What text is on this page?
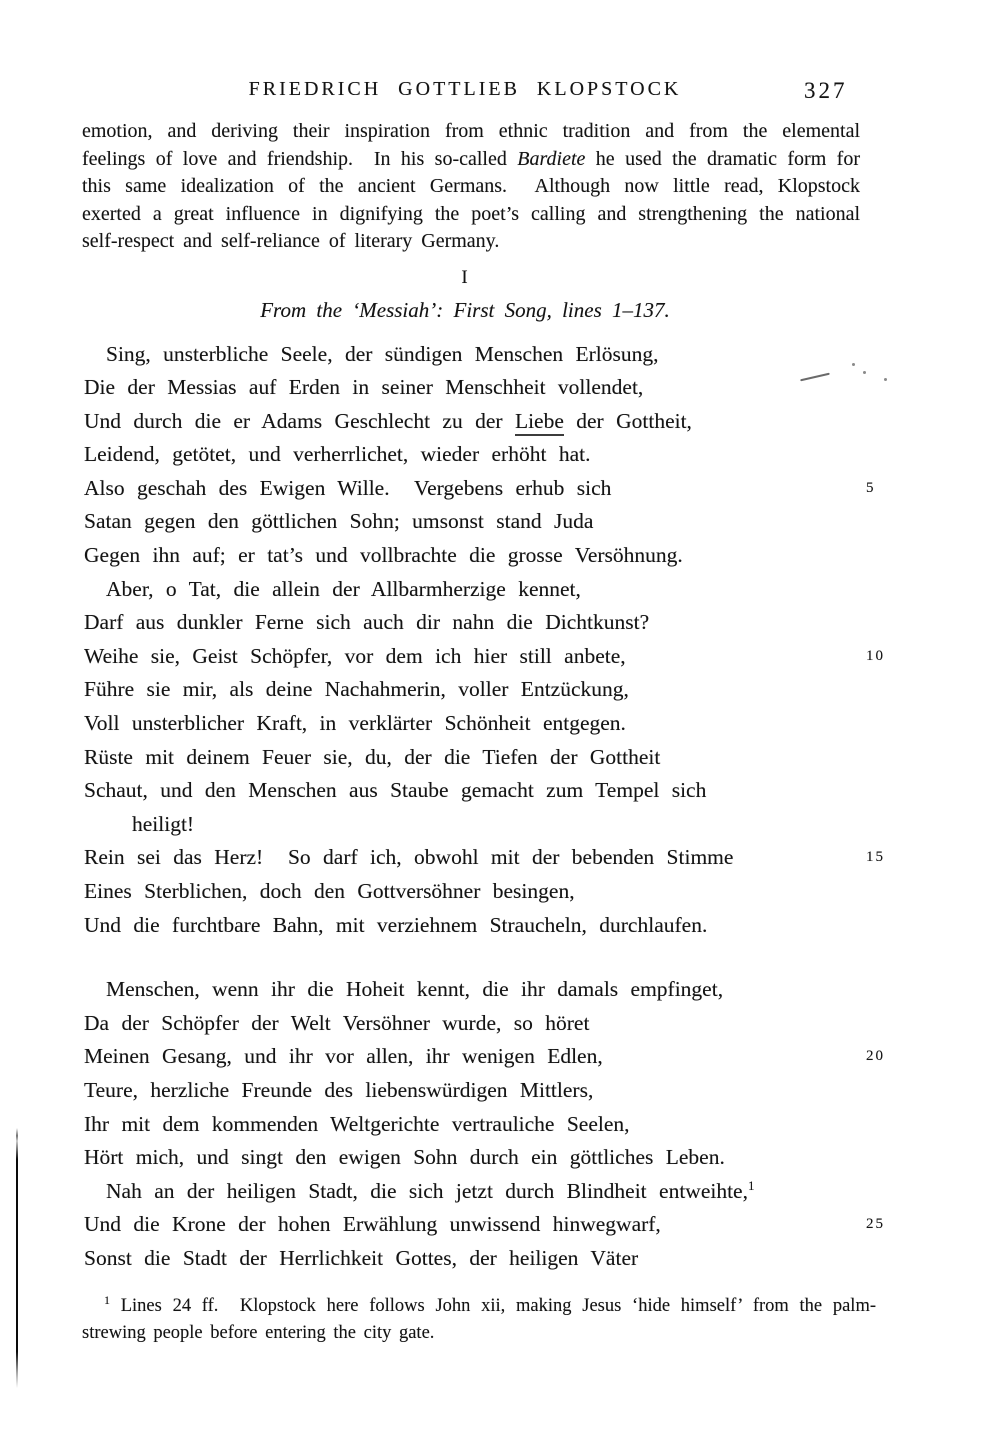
327
FRIEDRICH GOTTLIEB KLOPSTOCK

emotion, and deriving their inspiration from ethnic tradition and from the elemental feelings of love and friendship.  In his so-called Bardiete he used the dramatic form for this same idealization of the ancient Germans.  Although now little read, Klopstock exerted a great influence in dignifying the poet’s calling and strengthening the national self-respect and self-reliance of literary Germany.

I
From the ‘Messiah’: First Song, lines 1–137.
Sing, unsterbliche Seele, der sündigen Menschen Erlösung,
Die der Messias auf Erden in seiner Menschheit vollendet,
Und durch die er Adams Geschlecht zu der Liebe der Gottheit,
Leidend, getötet, und verherrlichet, wieder erhöht hat.
Also geschah des Ewigen Wille.  Vergebens erhub sich	5
Satan gegen den göttlichen Sohn; umsonst stand Juda
Gegen ihn auf; er tat’s und vollbrachte die grosse Versöhnung.
Aber, o Tat, die allein der Allbarmherzige kennet,
Darf aus dunkler Ferne sich auch dir nahn die Dichtkunst?
Weihe sie, Geist Schöpfer, vor dem ich hier still anbete,	10
Führe sie mir, als deine Nachahmerin, voller Entzückung,
Voll unsterblicher Kraft, in verklärter Schönheit entgegen.
Rüste mit deinem Feuer sie, du, der die Tiefen der Gottheit
Schaut, und den Menschen aus Staube gemacht zum Tempel sich
heiligt!
Rein sei das Herz!  So darf ich, obwohl mit der bebenden Stimme	15
Eines Sterblichen, doch den Gottversöhner besingen,
Und die furchtbare Bahn, mit verziehnem Straucheln, durchlaufen.
Menschen, wenn ihr die Hoheit kennt, die ihr damals empfinget,
Da der Schöpfer der Welt Versöhner wurde, so höret
Meinen Gesang, und ihr vor allen, ihr wenigen Edlen,	20
Teure, herzliche Freunde des liebenswürdigen Mittlers,
Ihr mit dem kommenden Weltgerichte vertrauliche Seelen,
Hört mich, und singt den ewigen Sohn durch ein göttliches Leben.
Nah an der heiligen Stadt, die sich jetzt durch Blindheit entweihte,$^1$
Und die Krone der hohen Erwählung unwissend hinwegwarf,	25
Sonst die Stadt der Herrlichkeit Gottes, der heiligen Väter

$^1$ Lines 24 ff.  Klopstock here follows John xii, making Jesus ‘hide himself’ from the palm-strewing people before entering the city gate.
